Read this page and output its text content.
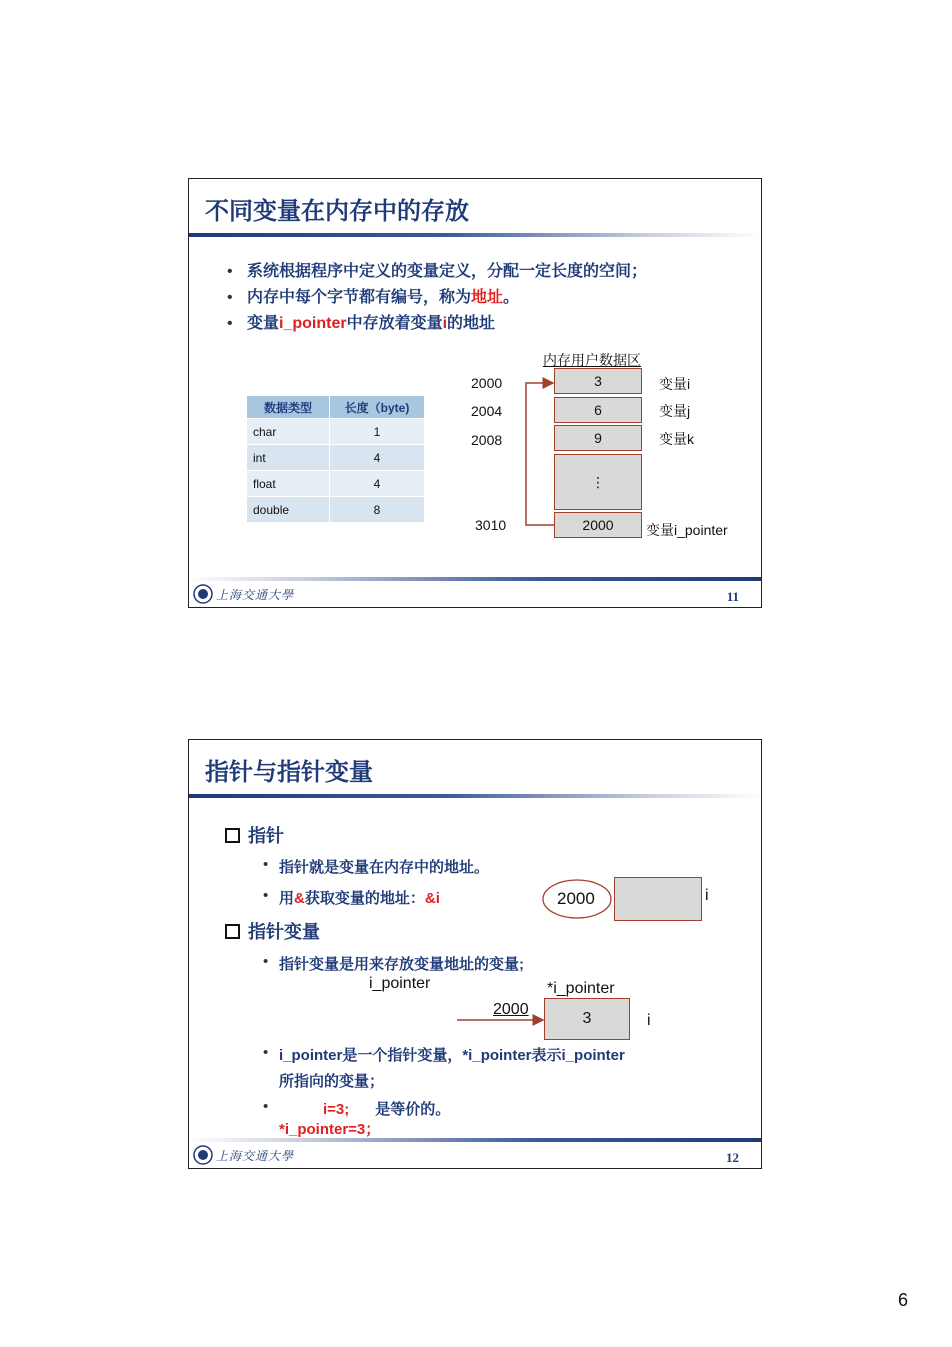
不同变量在内存中的存放
• 系统根据程序中定义的变量定义，分配一定长度的空间；
• 内存中每个字节都有编号，称为地址。
• 变量i_pointer中存放着变量i的地址
数据类型	长度（byte)
char	1
int	4
float	4
double	8
内存用户数据区
2000
2004
2008
3010
3
6
9
⋮
2000
变量i
变量j
变量k
变量i_pointer
上海交通大學	11
指针与指针变量
指针
• 指针就是变量在内存中的地址。
• 用&获取变量的地址：&i	2000	i
指针变量
• 指针变量是用来存放变量地址的变量;
i_pointer	*i_pointer
2000
3	i
• i_pointer是一个指针变量，*i_pointer表示i_pointer
所指向的变量；
• i=3; 是等价的。
*i_pointer=3；
上海交通大學	12
6
